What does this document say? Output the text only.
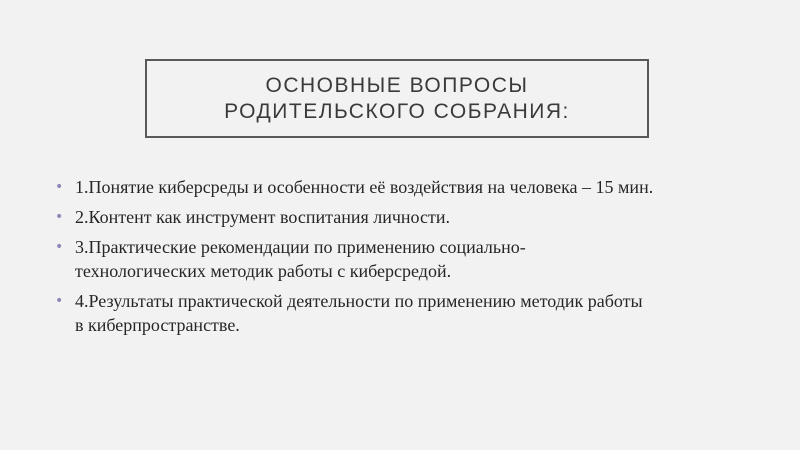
ОСНОВНЫЕ ВОПРОСЫ
РОДИТЕЛЬСКОГО СОБРАНИЯ:
• 1.Понятие киберсреды и особенности её воздействия на человека – 15 мин.
• 2.Контент как инструмент воспитания личности.
• 3.Практические рекомендации по применению социально-технологических методик работы с киберсредой.
• 4.Результаты практической деятельности по применению методик работы в киберпространстве.
